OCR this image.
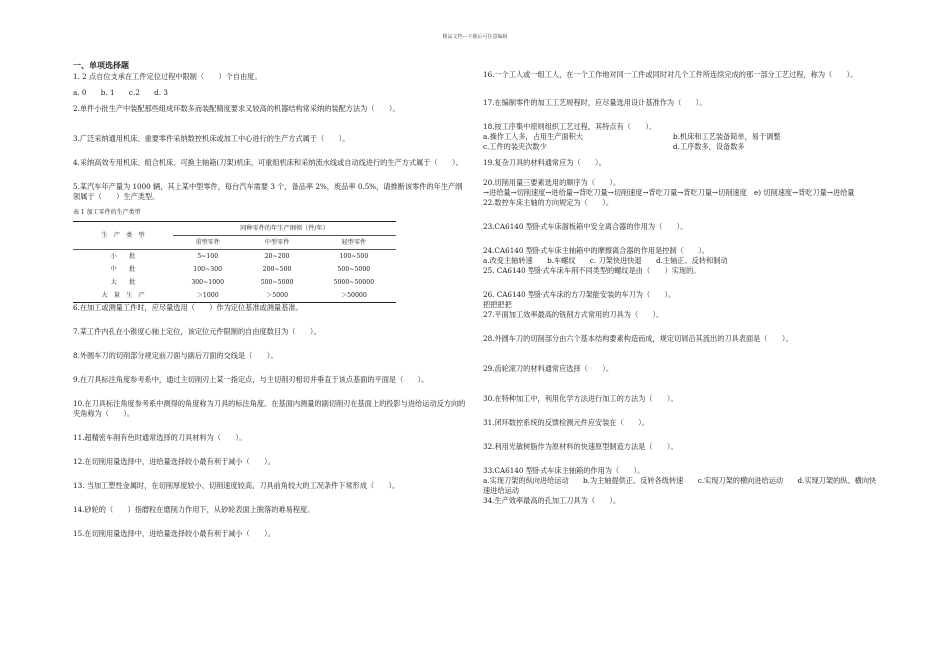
精品文档---下载后可任意编辑
一、单项选择题

1. 2 点自位支承在工件定位过程中限制（　　）个自由度。

a. 0　　b. 1　　c.2　　d. 3

2.单件小批生产中装配那些组成环数多而装配精度要求又较高的机器结构常采纳的装配方法为（　　）。

3.广泛采纳通用机床、重要零件采纳数控机床或加工中心进行的生产方式属于（　　）。

4.采纳高效专用机床、组合机床、可换主轴箱(刀架)机床、可重组机床和采纳流水线或自动线进行的生产方式属于（　　）。

5.某汽车年产量为 1000 辆，其上某中型零件，每台汽车需要 3 个，备品率 2%，废品率 0.5%，请推断该零件的年生产纲领属于（　　）生产类型。

表 1 加工零件的生产类型
生　产　类　型	同种零件的年生产纲领（件/年）		
	重型零件	中型零件	轻型零件
小　　批	5~100	20~200	100~500
中　　批	100~300	200~500	500~5000
大　　批	300~1000	500~5000	5000~50000
大　量　生　产	＞1000	＞5000	＞50000

6.在加工或测量工件时，应尽量选用（　　）作为定位基准或测量基准。

7.某工件内孔在小锥度心轴上定位，该定位元件限制的自由度数目为（　　）。

8.外圆车刀的切削部分规定前刀面与副后刀面的交线是（　　）。

9.在刀具标注角度参考系中，通过主切削刃上某一指定点，与主切削刃相切并垂直于该点基面的平面是（　　）。

10.在刀具标注角度参考系中测得的角度称为刀具的标注角度。在基面内测量的副切削刃在基面上的投影与进给运动反方向的夹角称为（　　）。

11.超精密车削有色时通常选择的刀具材料为（　　）。

12.在切削用量选择中，进给量选择较小最有利于减小（　　）。

13. 当加工塑性金属时，在切削厚度较小、切削速度较高、刀具前角较大的工况条件下常形成（　　）。

14.砂轮的（　　）指磨粒在磨削力作用下，从砂轮表面上脱落的难易程度。

15.在切削用量选择中，进给量选择较小最有利于减小（　　）。

16.一个工人或一组工人，在一个工作地对同一工件或同时对几个工件所连续完成的那一部分工艺过程，称为（　　）。

17.在编制零件的加工工艺规程时，应尽量选用设计基准作为（　　）。

18.按工序集中原则组织工艺过程，其特点有（　　）。

a.操作工人多，占用生产面积大	b.机床和工艺装备简单，易于调整
c.工件的装夹次数少	d.工序数多，设备数多

19.复杂刀具的材料通常应为（　　）。

20.切削用量三要素选用的顺序为（　　）。

→进给量→切削速度→进给量→背吃刀量→切削速度→背吃刀量→背吃刀量→切削速度　e) 切削速度→背吃刀量→进给量

22.数控车床主轴的方向规定为（　　）。

23.CA6140 型卧式车床溜板箱中安全离合器的作用为（　　）。

24.CA6140 型卧式车床主轴箱中的摩擦离合器的作用是控制（　　）。

a.改变主轴转速　　b.车螺纹　　c. 刀架快进快退　　d.主轴正、反转和制动

25. CA6140 型卧式车床车削不同类型的螺纹是由（　　）实现的。

26. CA6140 型卧式车床的方刀架能安装的车刀为（　　）。

把把把把

27.平面加工效率最高的铣削方式常用的刀具为（　　）。

28.外圆车刀的切削部分由六个基本结构要素构造而成，规定切屑沿其流出的刀具表面是（　　）。

29.齿轮滚刀的材料通常应选择（　　）。

30.在特种加工中，利用化学方法进行加工的方法为（　　）。

31.闭环数控系统的反馈检测元件应安装在（　　）。

32.利用光敏树脂作为原材料的快速原型制造方法是（　　）。

33.CA6140 型卧式车床主轴箱的作用为（　　）。

a.实现刀架的纵向进给运动　　b.为主轴提供正、反转各级转速　　c.实现刀架的横向进给运动　　d.实现刀架的纵、横向快速进给运动

34.生产效率最高的孔加工刀具为（　　）。
